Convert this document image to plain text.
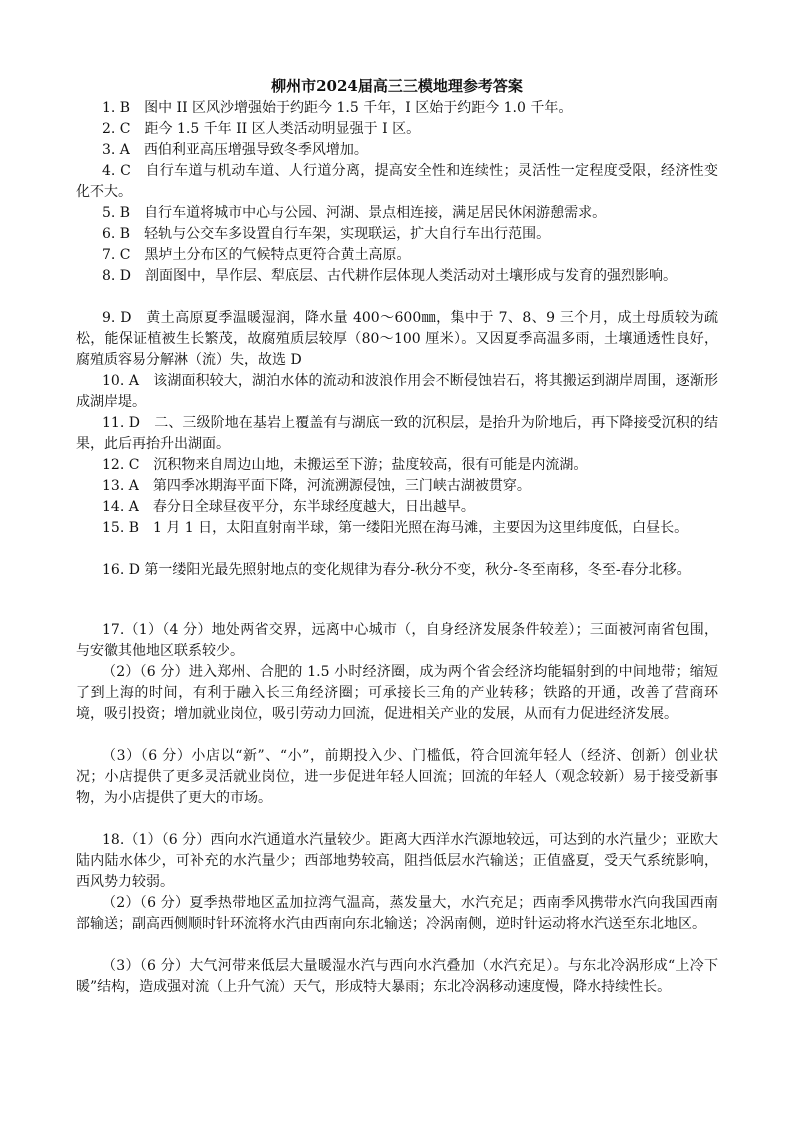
柳州市2024届高三三模地理参考答案
1. B　图中 II 区风沙增强始于约距今 1.5 千年，I 区始于约距今 1.0 千年。
2. C　距今 1.5 千年 II 区人类活动明显强于 I 区。
3. A　西伯利亚高压增强导致冬季风增加。
4. C　自行车道与机动车道、人行道分离，提高安全性和连续性；灵活性一定程度受限，经济性变化不大。
5. B　自行车道将城市中心与公园、河湖、景点相连接，满足居民休闲游憩需求。
6. B　轻轨与公交车多设置自行车架，实现联运，扩大自行车出行范围。
7. C　黑垆土分布区的气候特点更符合黄土高原。
8. D　剖面图中，旱作层、犁底层、古代耕作层体现人类活动对土壤形成与发育的强烈影响。
9. D　黄土高原夏季温暖湿润，降水量 400～600㎜，集中于 7、8、9 三个月，成土母质较为疏松，能保证植被生长繁茂，故腐殖质层较厚（80～100 厘米）。又因夏季高温多雨，土壤通透性良好，腐殖质容易分解淋（流）失，故选 D
10. A　该湖面积较大，湖泊水体的流动和波浪作用会不断侵蚀岩石，将其搬运到湖岸周围，逐渐形成湖岸堤。
11. D　二、三级阶地在基岩上覆盖有与湖底一致的沉积层，是抬升为阶地后，再下降接受沉积的结果，此后再抬升出湖面。
12. C　沉积物来自周边山地，未搬运至下游；盐度较高，很有可能是内流湖。
13. A　第四季冰期海平面下降，河流溯源侵蚀，三门峡古湖被贯穿。
14. A　春分日全球昼夜平分，东半球经度越大，日出越早。
15. B　1 月 1 日，太阳直射南半球，第一缕阳光照在海马滩，主要因为这里纬度低，白昼长。
16. D 第一缕阳光最先照射地点的变化规律为春分-秋分不变，秋分-冬至南移，冬至-春分北移。
17.（1）（4 分）地处两省交界，远离中心城市（，自身经济发展条件较差）；三面被河南省包围，与安徽其他地区联系较少。
（2）（6 分）进入郑州、合肥的 1.5 小时经济圈，成为两个省会经济均能辐射到的中间地带；缩短了到上海的时间，有利于融入长三角经济圈；可承接长三角的产业转移；铁路的开通，改善了营商环境，吸引投资；增加就业岗位，吸引劳动力回流，促进相关产业的发展，从而有力促进经济发展。
（3）（6 分）小店以“新”、“小”，前期投入少、门槛低，符合回流年轻人（经济、创新）创业状况；小店提供了更多灵活就业岗位，进一步促进年轻人回流；回流的年轻人（观念较新）易于接受新事物，为小店提供了更大的市场。
18.（1）（6 分）西向水汽通道水汽量较少。距离大西洋水汽源地较远，可达到的水汽量少；亚欧大陆内陆水体少，可补充的水汽量少；西部地势较高，阻挡低层水汽输送；正值盛夏，受天气系统影响，西风势力较弱。
（2）（6 分）夏季热带地区孟加拉湾气温高，蒸发量大，水汽充足；西南季风携带水汽向我国西南部输送；副高西侧顺时针环流将水汽由西南向东北输送；冷涡南侧，逆时针运动将水汽送至东北地区。
（3）（6 分）大气河带来低层大量暖湿水汽与西向水汽叠加（水汽充足）。与东北冷涡形成“上冷下暖”结构，造成强对流（上升气流）天气，形成特大暴雨；东北冷涡移动速度慢，降水持续性长。
